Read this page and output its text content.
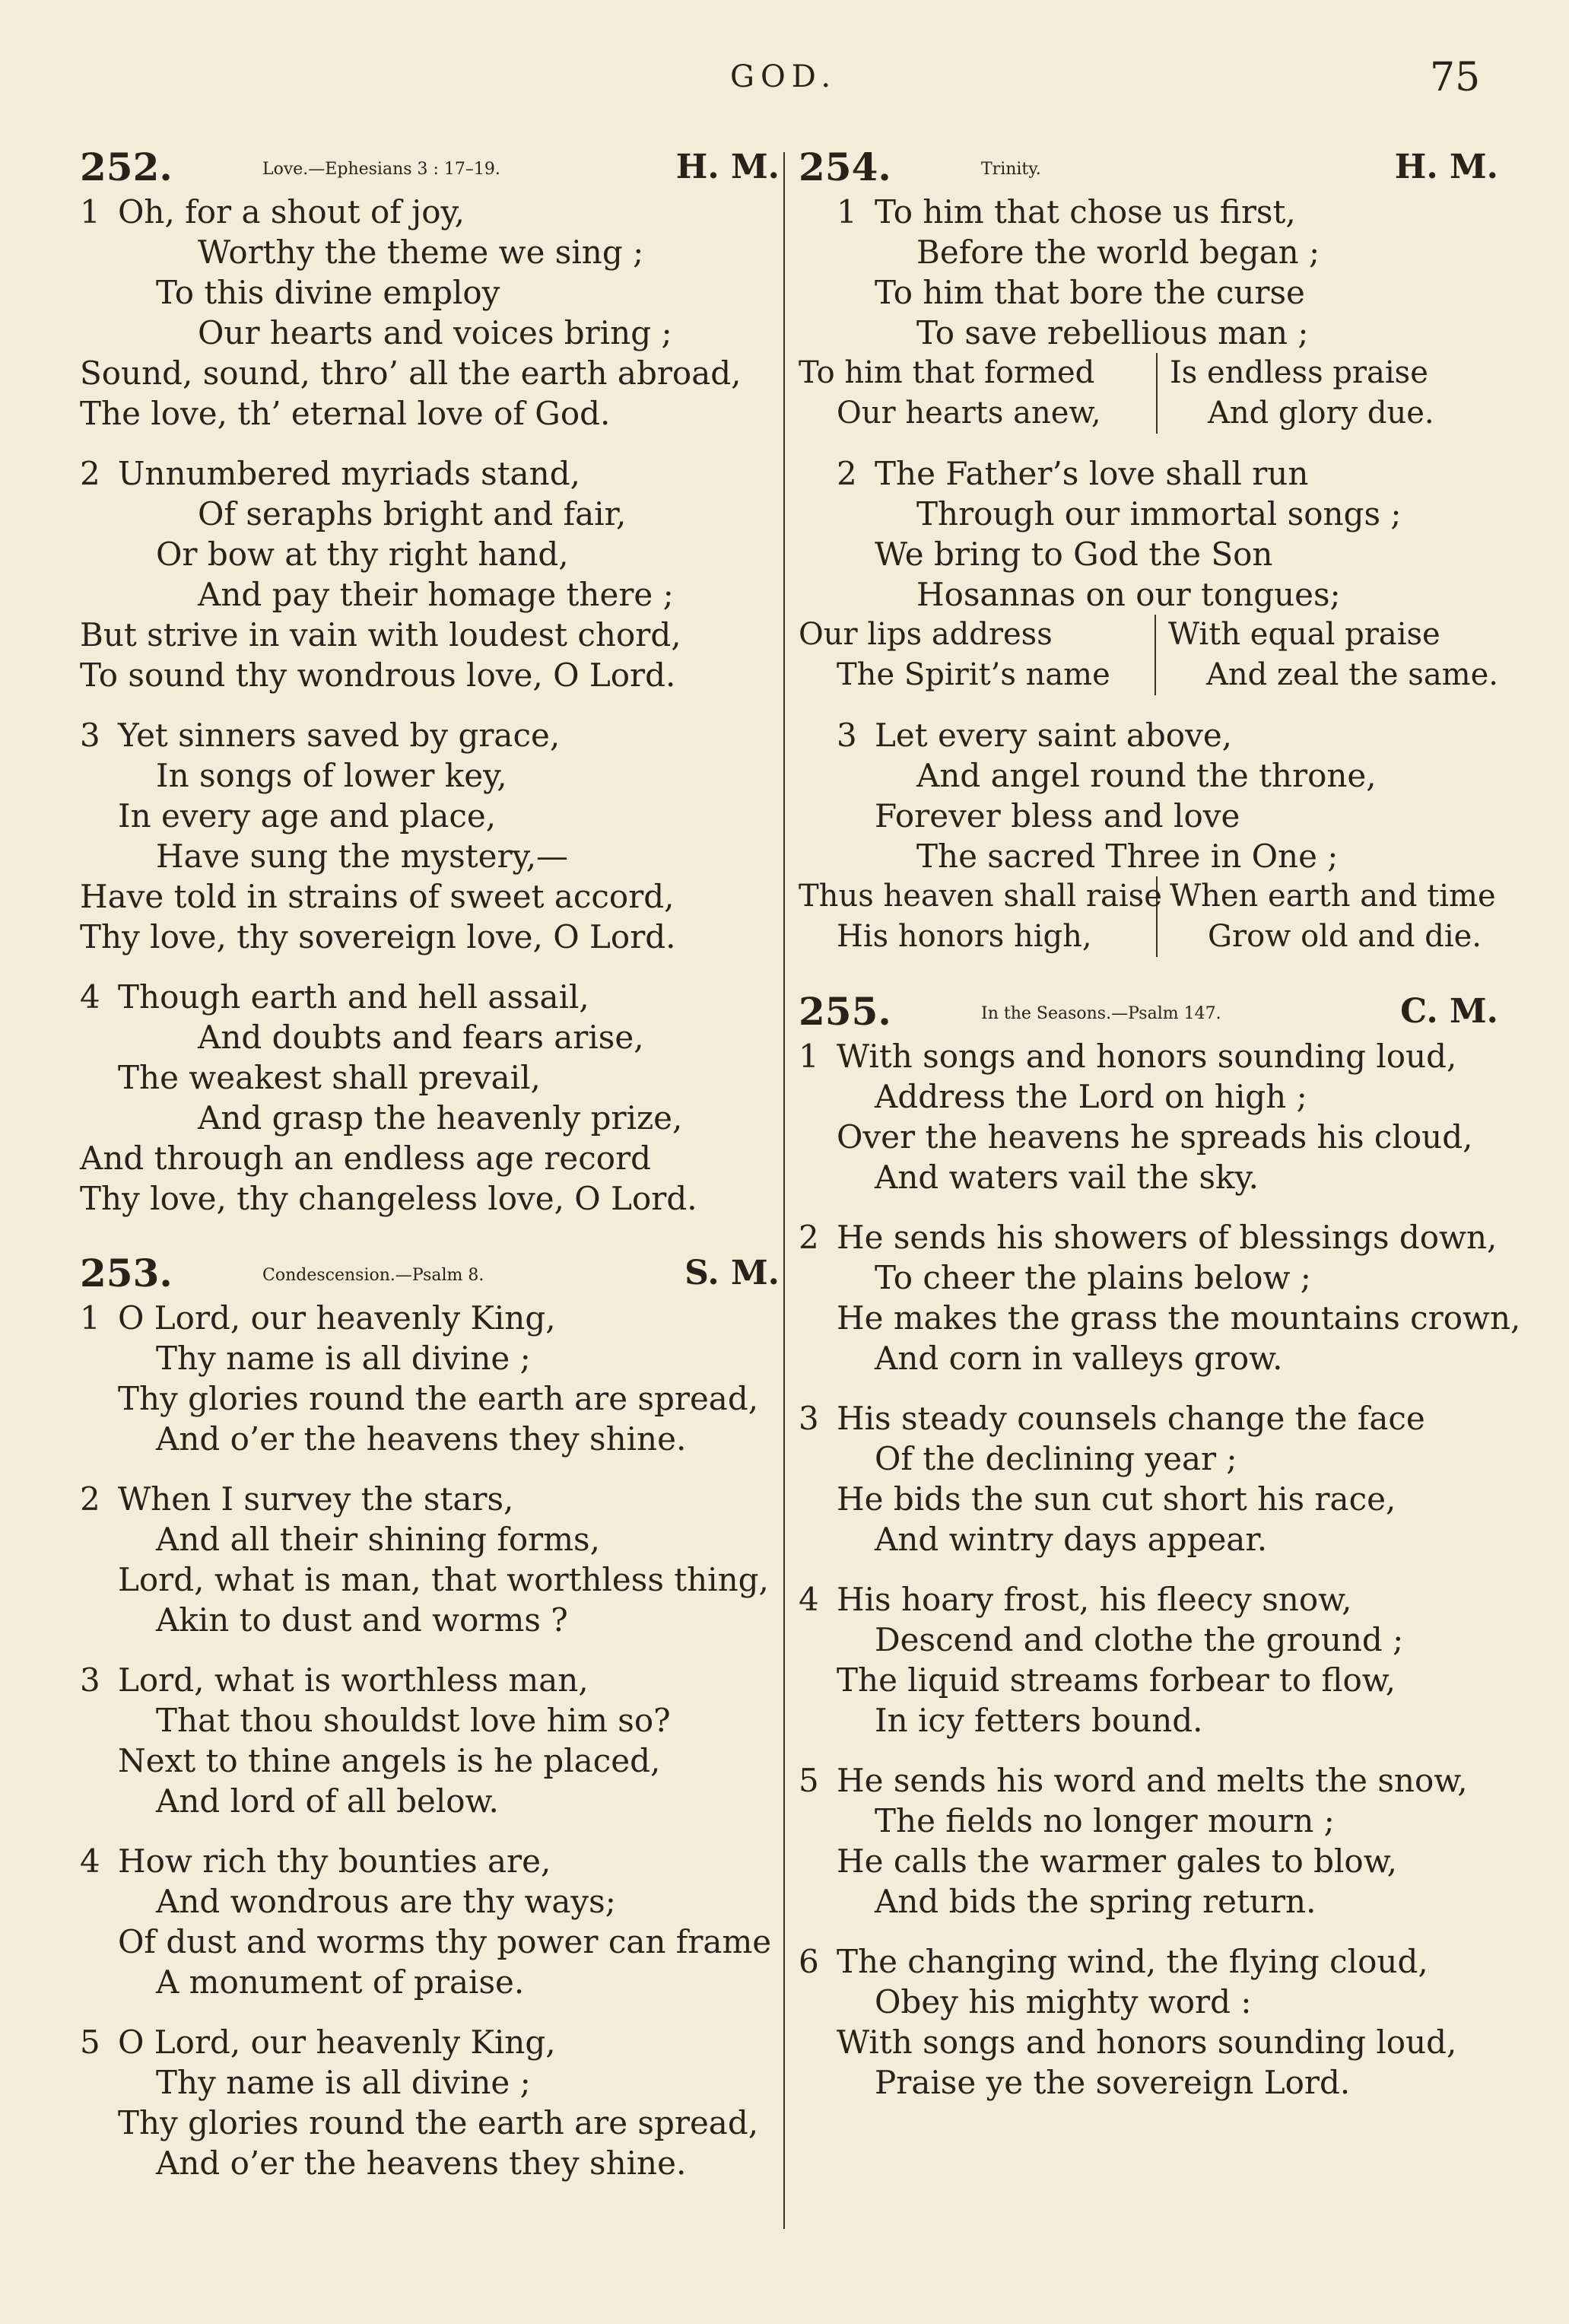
GOD.	75
252.	Love.—Ephesians 3 : 17–19.	H. M.
1 Oh, for a shout of joy,
Worthy the theme we sing ;
To this divine employ
Our hearts and voices bring ;
Sound, sound, thro’ all the earth abroad,
The love, th’ eternal love of God.
2 Unnumbered myriads stand,
Of seraphs bright and fair,
Or bow at thy right hand,
And pay their homage there ;
But strive in vain with loudest chord,
To sound thy wondrous love, O Lord.
3 Yet sinners saved by grace,
In songs of lower key,
In every age and place,
Have sung the mystery,—
Have told in strains of sweet accord,
Thy love, thy sovereign love, O Lord.
4 Though earth and hell assail,
And doubts and fears arise,
The weakest shall prevail,
And grasp the heavenly prize,
And through an endless age record
Thy love, thy changeless love, O Lord.
253.	Condescension.—Psalm 8.	S. M.
1 O Lord, our heavenly King,
Thy name is all divine ;
Thy glories round the earth are spread,
And o’er the heavens they shine.
2 When I survey the stars,
And all their shining forms,
Lord, what is man, that worthless thing,
Akin to dust and worms ?
3 Lord, what is worthless man,
That thou shouldst love him so?
Next to thine angels is he placed,
And lord of all below.
4 How rich thy bounties are,
And wondrous are thy ways;
Of dust and worms thy power can frame
A monument of praise.
5 O Lord, our heavenly King,
Thy name is all divine ;
Thy glories round the earth are spread,
And o’er the heavens they shine.
254.	Trinity.	H. M.
1 To him that chose us first,
Before the world began ;
To him that bore the curse
To save rebellious man ;
To him that formed
Our hearts anew,
Is endless praise
And glory due.
2 The Father’s love shall run
Through our immortal songs ;
We bring to God the Son
Hosannas on our tongues;
Our lips address
The Spirit’s name
With equal praise
And zeal the same.
3 Let every saint above,
And angel round the throne,
Forever bless and love
The sacred Three in One ;
Thus heaven shall raise
His honors high,
When earth and time
Grow old and die.
255.	In the Seasons.—Psalm 147.	C. M.
1 With songs and honors sounding loud,
Address the Lord on high ;
Over the heavens he spreads his cloud,
And waters vail the sky.
2 He sends his showers of blessings down,
To cheer the plains below ;
He makes the grass the mountains crown,
And corn in valleys grow.
3 His steady counsels change the face
Of the declining year ;
He bids the sun cut short his race,
And wintry days appear.
4 His hoary frost, his fleecy snow,
Descend and clothe the ground ;
The liquid streams forbear to flow,
In icy fetters bound.
5 He sends his word and melts the snow,
The fields no longer mourn ;
He calls the warmer gales to blow,
And bids the spring return.
6 The changing wind, the flying cloud,
Obey his mighty word :
With songs and honors sounding loud,
Praise ye the sovereign Lord.
